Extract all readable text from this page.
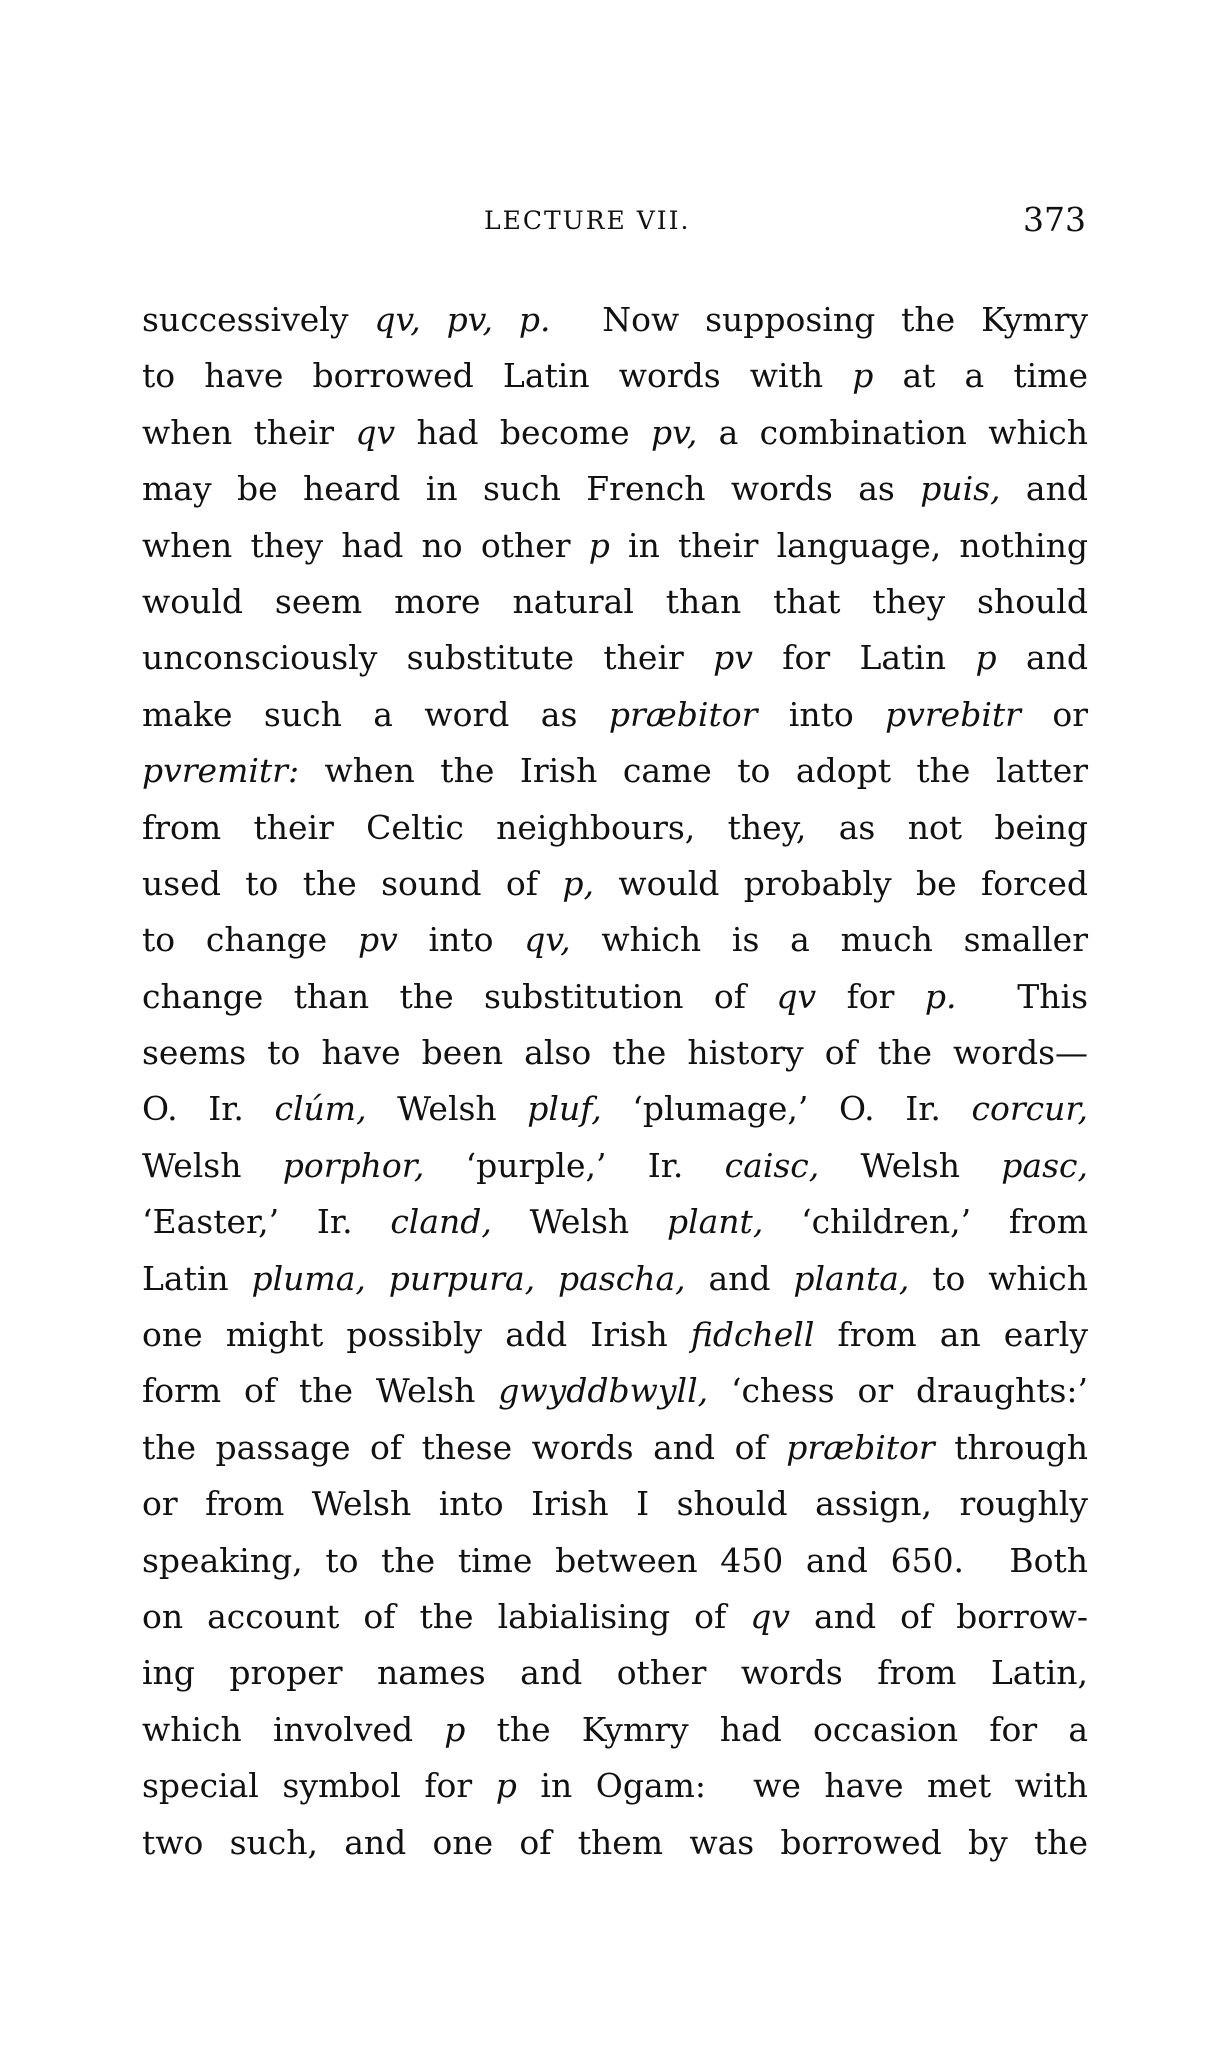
LECTURE VII.	373
successively qv, pv, p.  Now supposing the Kymry
to have borrowed Latin words with p at a time
when their qv had become pv, a combination which
may be heard in such French words as puis, and
when they had no other p in their language, nothing
would seem more natural than that they should
unconsciously substitute their pv for Latin p and
make such a word as præbitor into pvrebitr or
pvremitr: when the Irish came to adopt the latter
from their Celtic neighbours, they, as not being
used to the sound of p, would probably be forced
to change pv into qv, which is a much smaller
change than the substitution of qv for p.  This
seems to have been also the history of the words—
O. Ir. clúm, Welsh pluf, ‘plumage,’ O. Ir. corcur,
Welsh porphor, ‘purple,’ Ir. caisc, Welsh pasc,
‘Easter,’ Ir. cland, Welsh plant, ‘children,’ from
Latin pluma, purpura, pascha, and planta, to which
one might possibly add Irish fidchell from an early
form of the Welsh gwyddbwyll, ‘chess or draughts:’
the passage of these words and of præbitor through
or from Welsh into Irish I should assign, roughly
speaking, to the time between 450 and 650.  Both
on account of the labialising of qv and of borrow-
ing proper names and other words from Latin,
which involved p the Kymry had occasion for a
special symbol for p in Ogam:  we have met with
two such, and one of them was borrowed by the
